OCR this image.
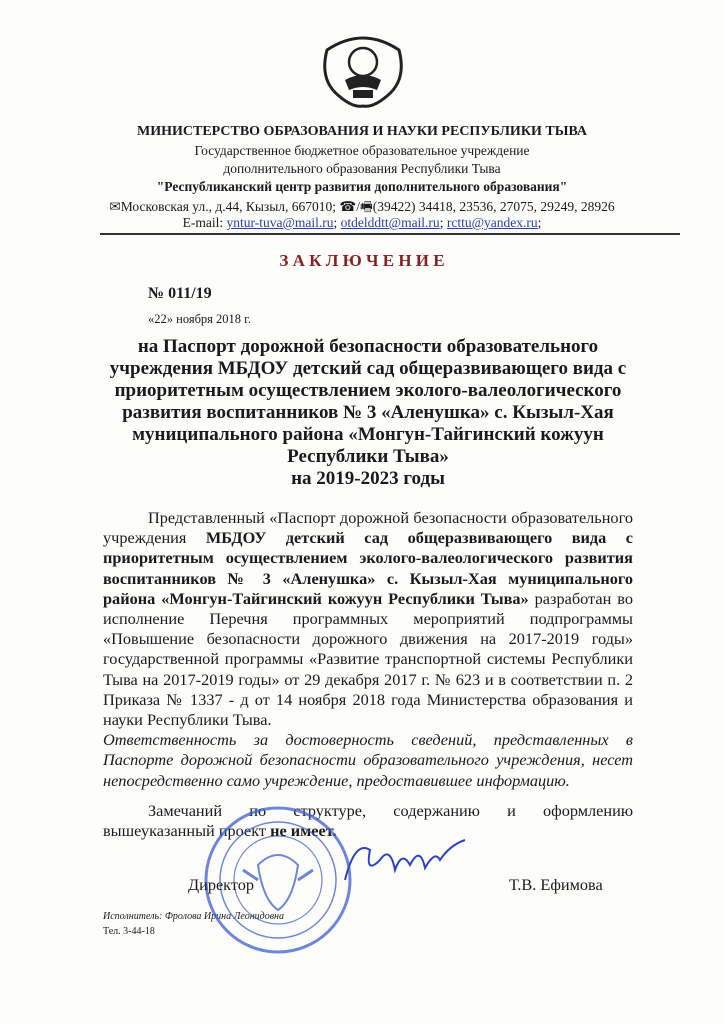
МИНИСТЕРСТВО ОБРАЗОВАНИЯ И НАУКИ РЕСПУБЛИКИ ТЫВА
Государственное бюджетное образовательное учреждение
дополнительного образования Республики Тыва
"Республиканский центр развития дополнительного образования"
✉Московская ул., д.44, Кызыл, 667010; ☎/🖷(39422) 34418, 23536, 27075, 29249, 28926
E-mail: yntur-tuva@mail.ru; otdelddtt@mail.ru; rcttu@yandex.ru;
З А К Л Ю Ч Е Н И Е
№ 011/19
«22» ноября 2018 г.
на Паспорт дорожной безопасности образовательного
учреждения МБДОУ детский сад общеразвивающего вида с
приоритетным осуществлением эколого-валеологического
развития воспитанников № 3 «Аленушка» с. Кызыл-Хая
муниципального района «Монгун-Тайгинский кожуун
Республики Тыва»
на 2019-2023 годы

Представленный «Паспорт дорожной безопасности образовательного учреждения МБДОУ детский сад общеразвивающего вида с приоритетным осуществлением эколого-валеологического развития воспитанников № 3 «Аленушка» с. Кызыл-Хая муниципального района «Монгун-Тайгинский кожуун Республики Тыва» разработан во исполнение Перечня программных мероприятий подпрограммы «Повышение безопасности дорожного движения на 2017-2019 годы» государственной программы «Развитие транспортной системы Республики Тыва на 2017-2019 годы» от 29 декабря 2017 г. № 623 и в соответствии п. 2 Приказа № 1337 - д от 14 ноября 2018 года Министерства образования и науки Республики Тыва.

Ответственность за достоверность сведений, представленных в Паспорте дорожной безопасности образовательного учреждения, несет непосредственно само учреждение, предоставившее информацию.

Замечаний по структуре, содержанию и оформлению вышеуказанный проект не имеет.

Директор	Т.В. Ефимова
Исполнитель: Фролова Ирина Леонидовна
Тел. 3-44-18
